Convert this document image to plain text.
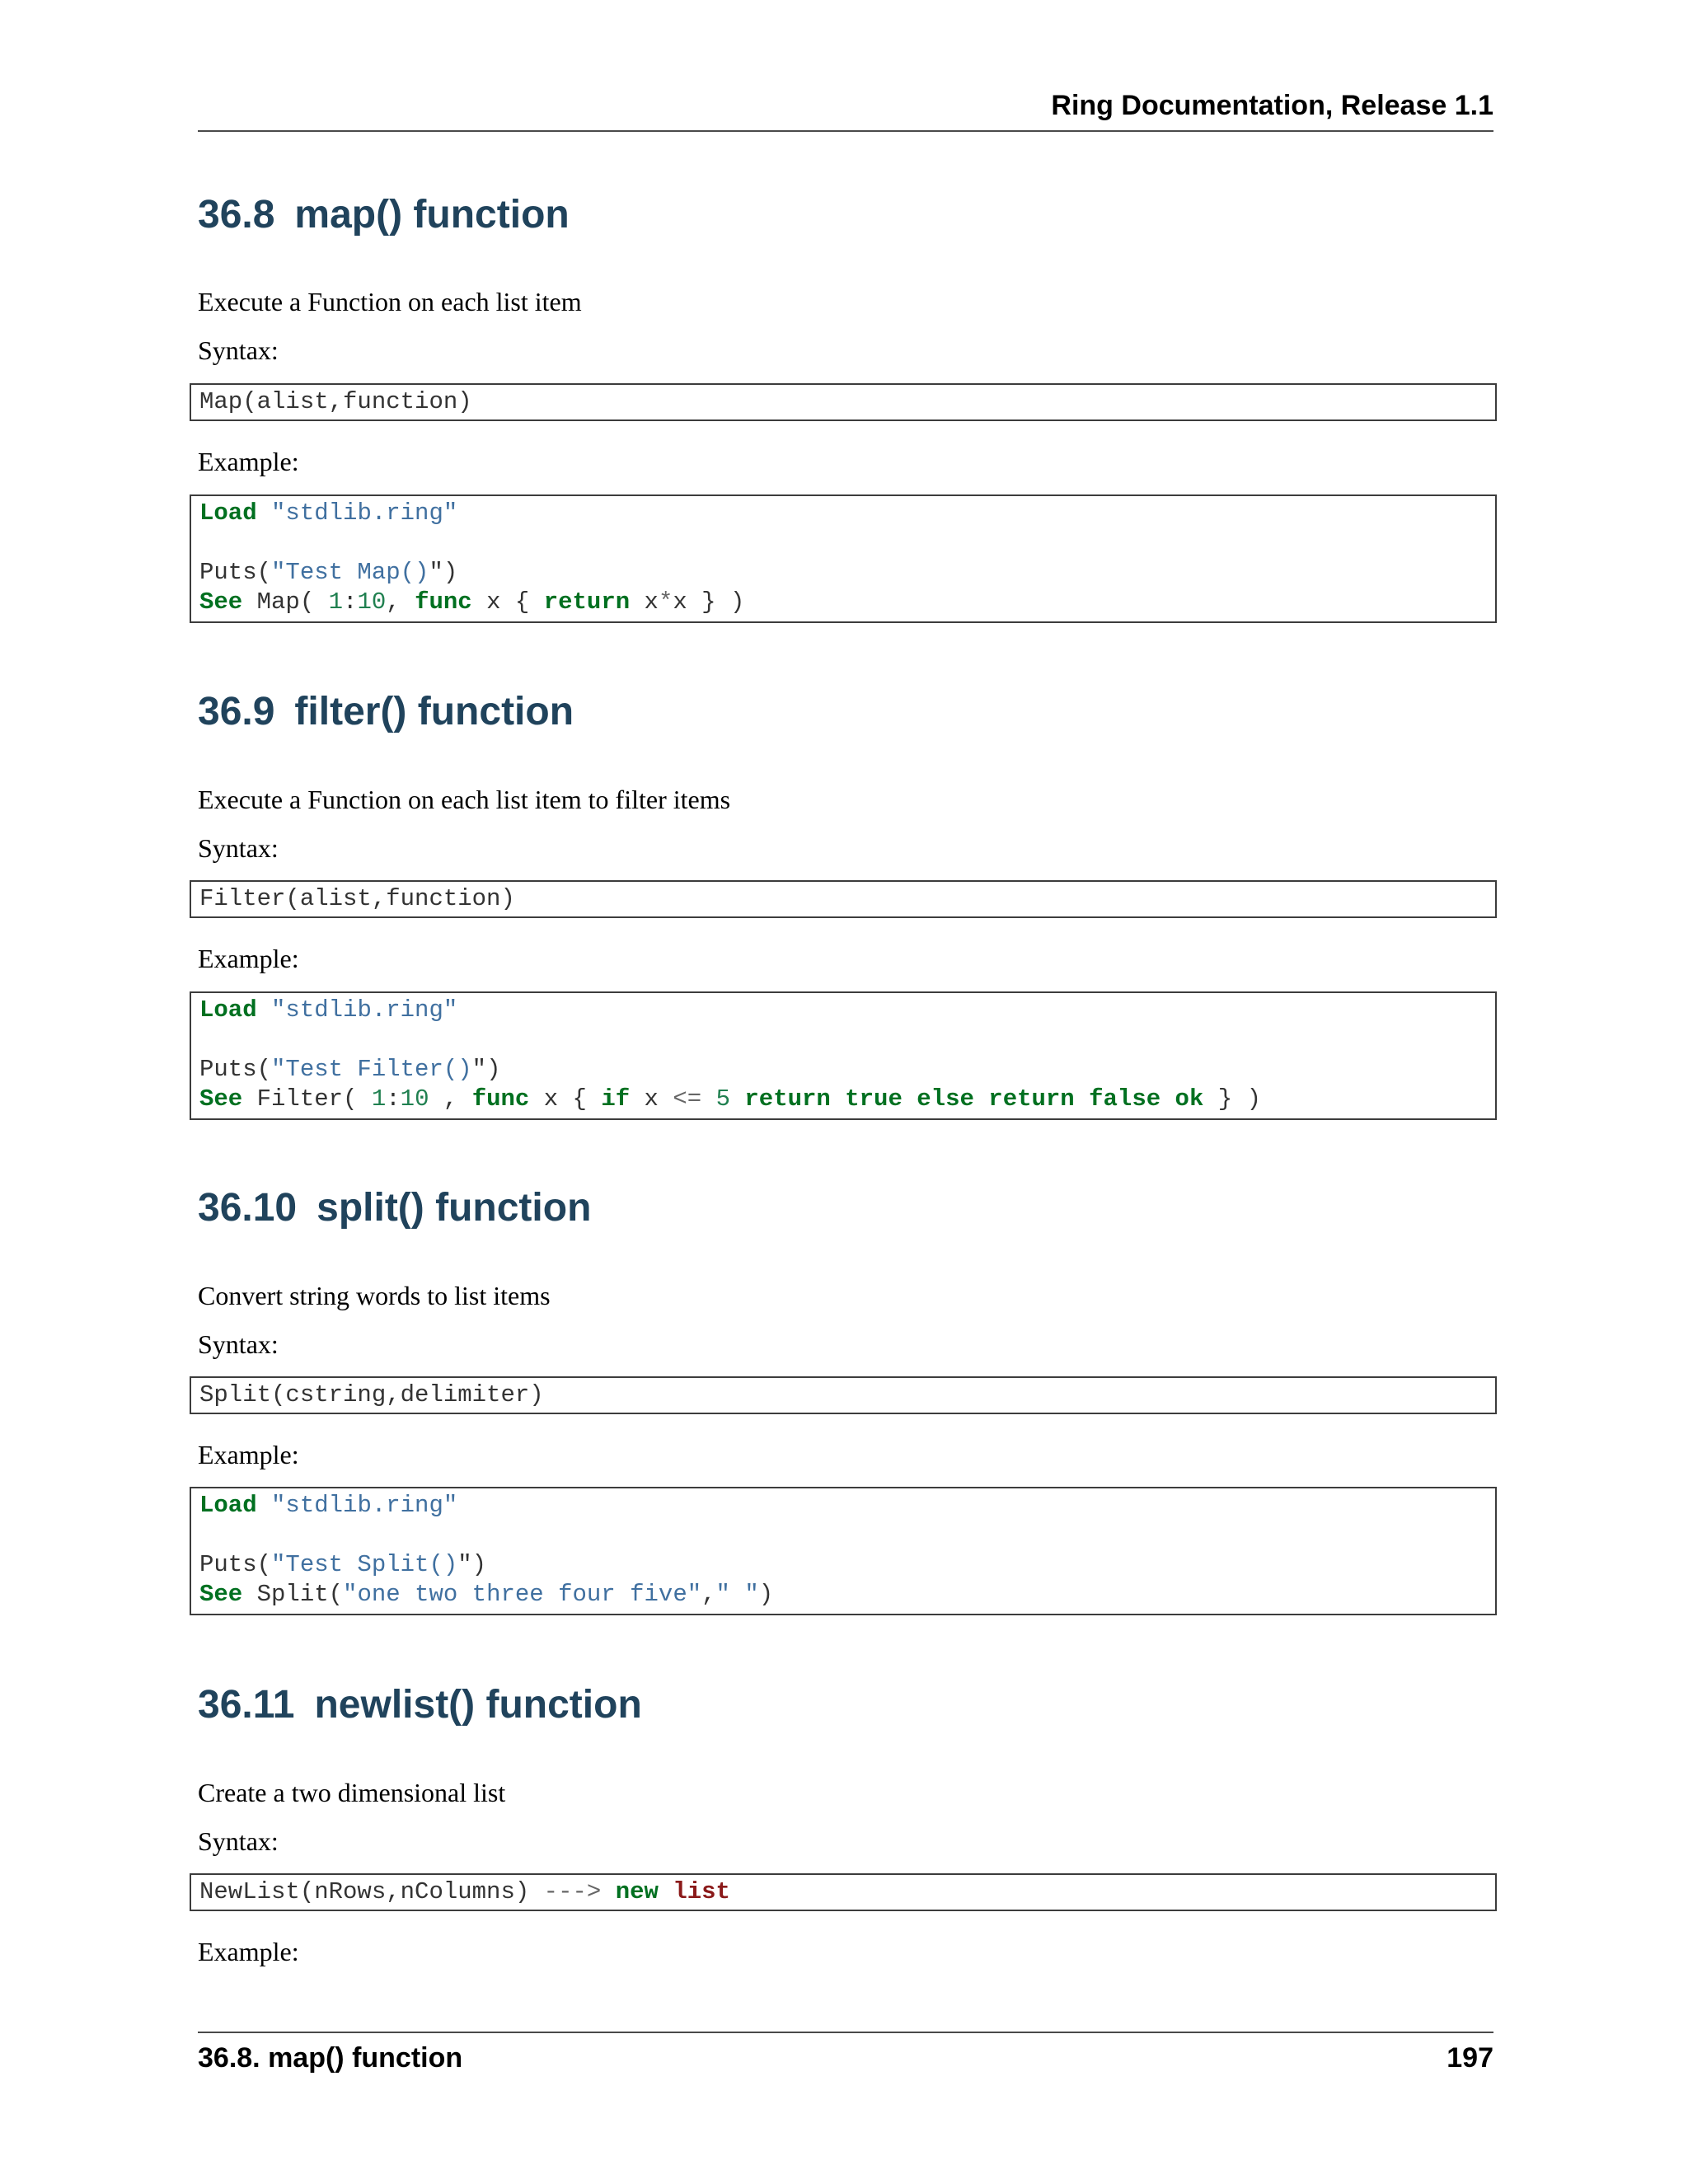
Ring Documentation, Release 1.1
36.8 map() function

Execute a Function on each list item

Syntax:

Map(alist,function)

Example:

Load "stdlib.ring"
Puts("Test Map()")
See Map( 1:10, func x { return x*x } )
36.9 filter() function

Execute a Function on each list item to filter items

Syntax:

Filter(alist,function)

Example:

Load "stdlib.ring"
Puts("Test Filter()")
See Filter( 1:10 , func x { if x <= 5 return true else return false ok } )
36.10 split() function

Convert string words to list items

Syntax:

Split(cstring,delimiter)

Example:

Load "stdlib.ring"
Puts("Test Split()")
See Split("one two three four five"," ")
36.11 newlist() function

Create a two dimensional list

Syntax:

NewList(nRows,nColumns) ---> new list

Example:

36.8. map() function	197
